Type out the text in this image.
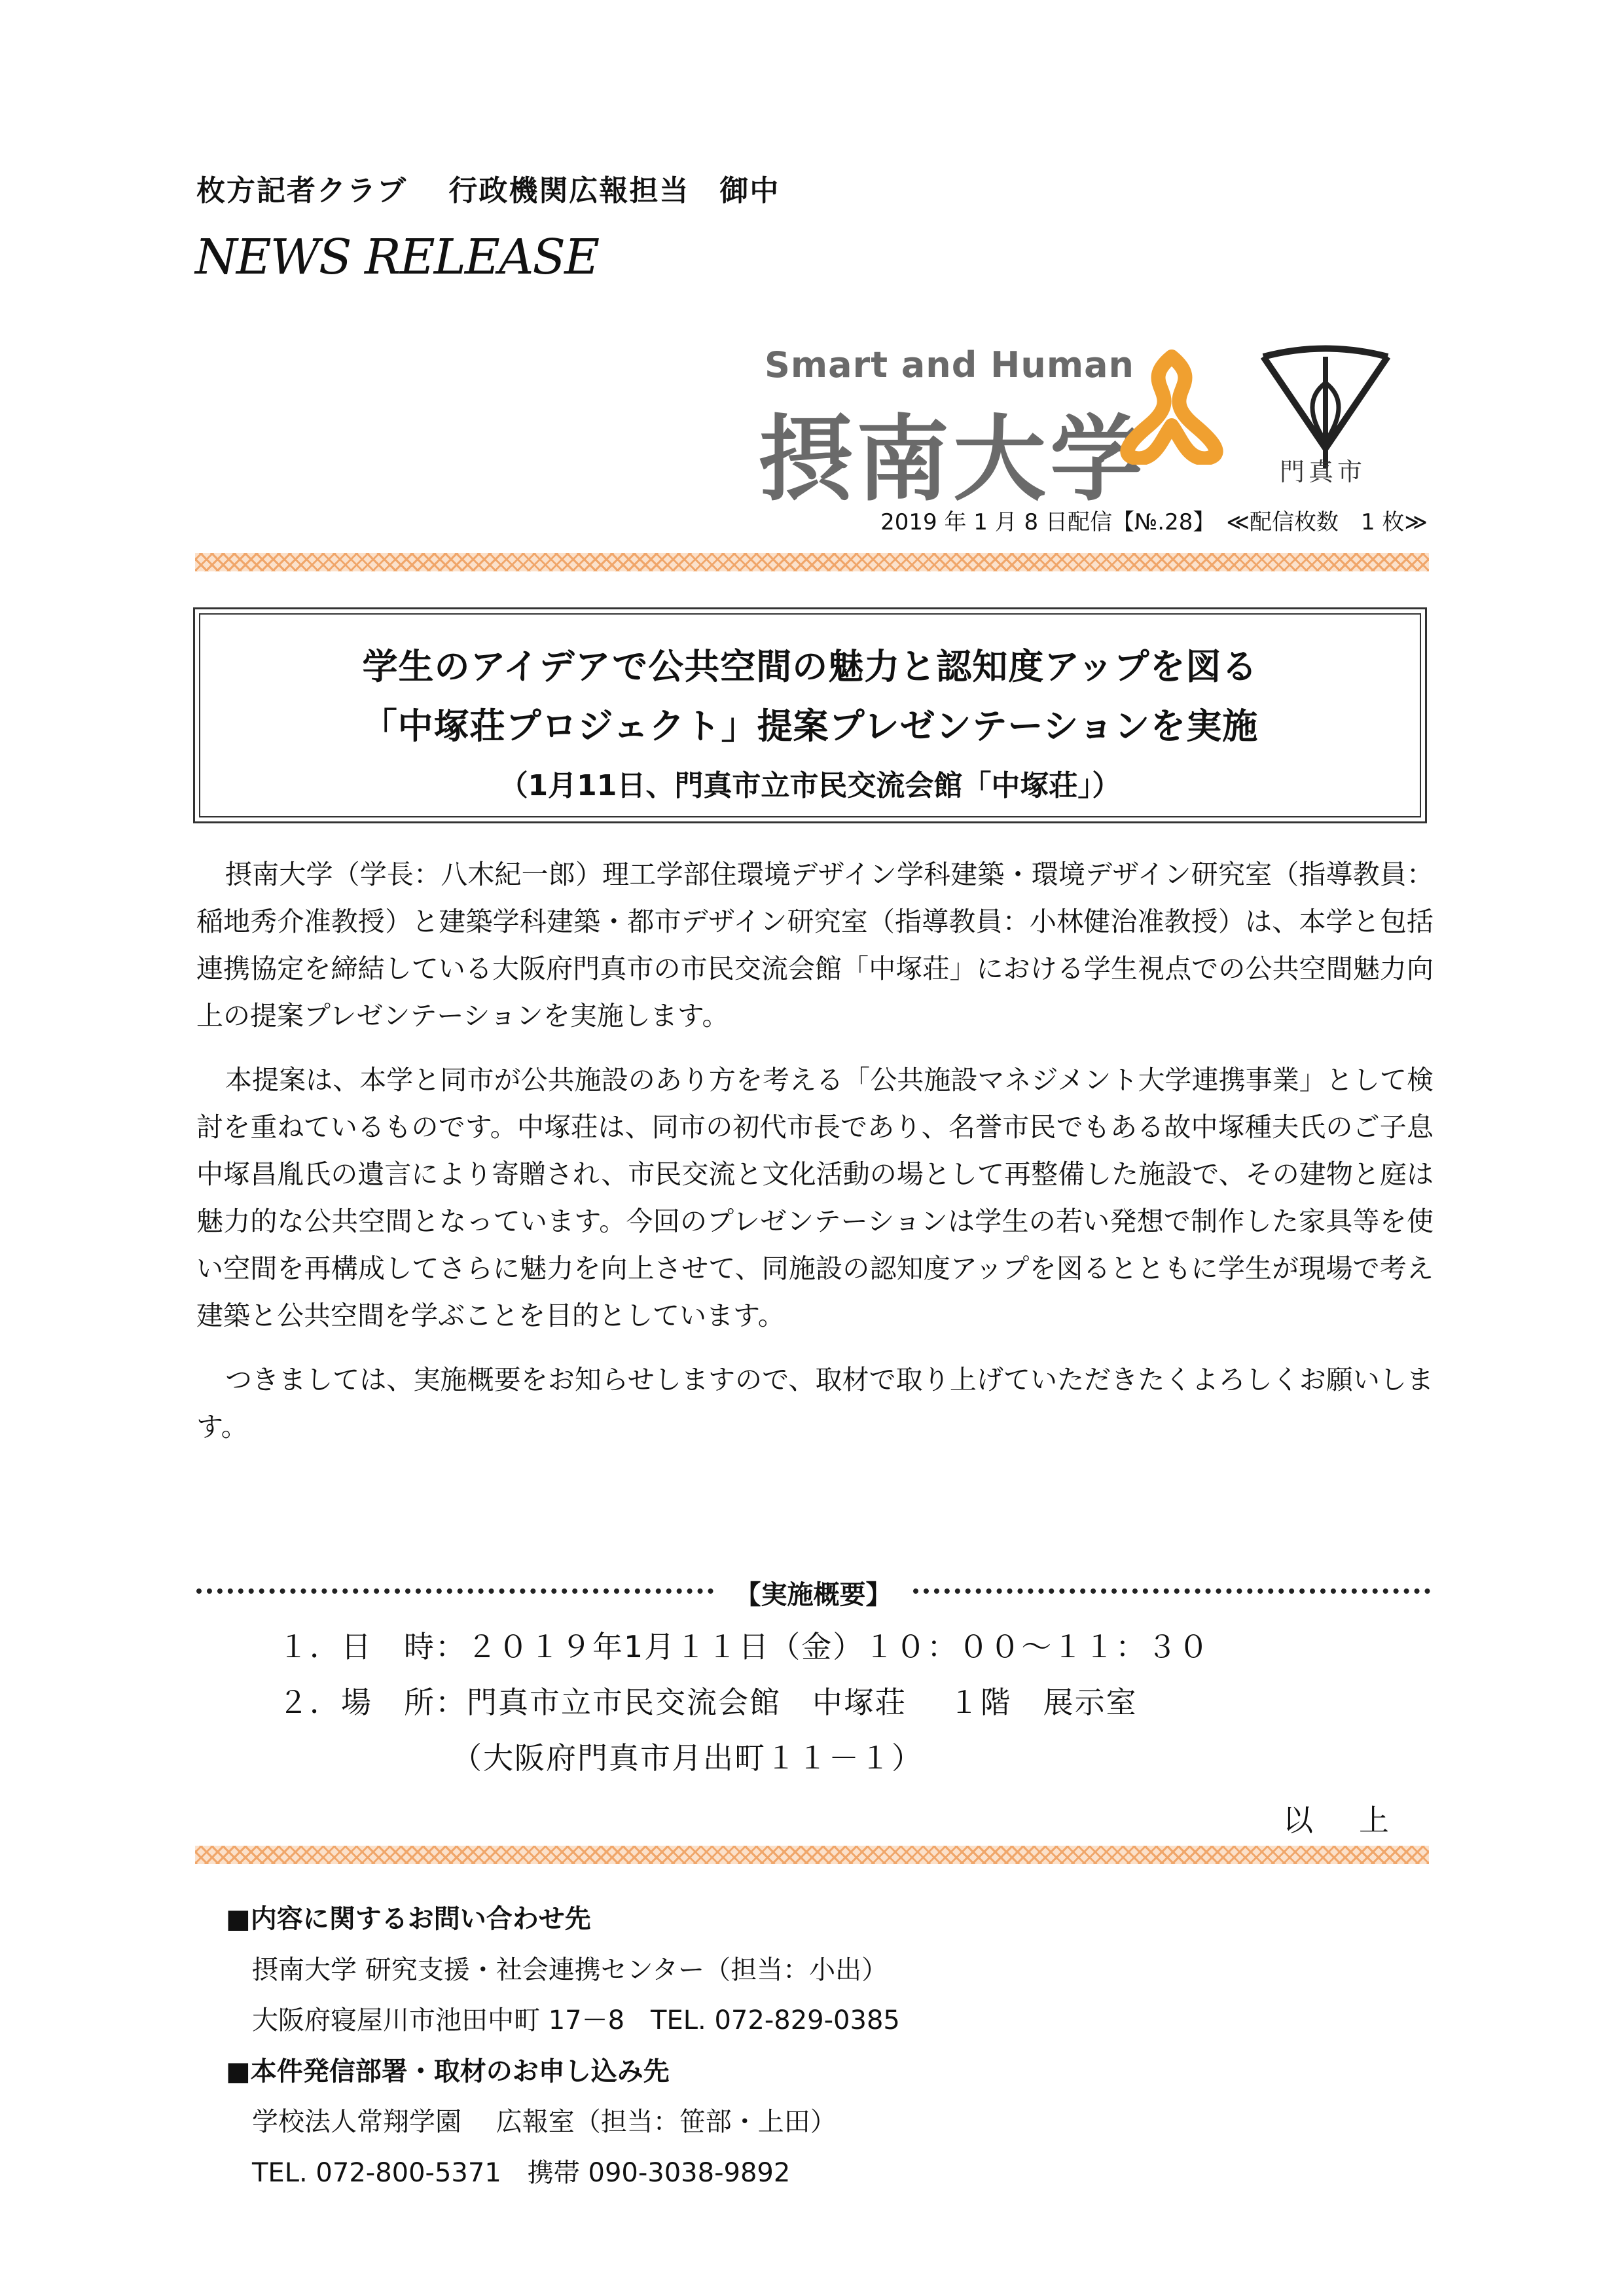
枚方記者クラブ　 行政機関広報担当　御中
NEWS RELEASE
Smart and Human
摂南大学	門真市
2019 年 1 月 8 日配信【№.28】　≪配信枚数　1 枚≫
学生のアイデアで公共空間の魅力と認知度アップを図る
「中塚荘プロジェクト」提案プレゼンテーションを実施
（1月11日、門真市立市民交流会館「中塚荘」）

摂南大学（学長：八木紀一郎）理工学部住環境デザイン学科建築・環境デザイン研究室（指導教員：稲地秀介准教授）と建築学科建築・都市デザイン研究室（指導教員：小林健治准教授）は、本学と包括連携協定を締結している大阪府門真市の市民交流会館「中塚荘」における学生視点での公共空間魅力向上の提案プレゼンテーションを実施します。

本提案は、本学と同市が公共施設のあり方を考える「公共施設マネジメント大学連携事業」として検討を重ねているものです。中塚荘は、同市の初代市長であり、名誉市民でもある故中塚種夫氏のご子息中塚昌胤氏の遺言により寄贈され、市民交流と文化活動の場として再整備した施設で、その建物と庭は魅力的な公共空間となっています。今回のプレゼンテーションは学生の若い発想で制作した家具等を使い空間を再構成してさらに魅力を向上させて、同施設の認知度アップを図るとともに学生が現場で考え建築と公共空間を学ぶことを目的としています。

つきましては、実施概要をお知らせしますので、取材で取り上げていただきたくよろしくお願いします。

【実施概要】
１．日　時：２０１９年1月１１日（金）１０：００～１１：３０
２．場　所：門真市立市民交流会館　中塚荘　 １階　展示室
（大阪府門真市月出町１１－１）
以　上
■内容に関するお問い合わせ先
摂南大学 研究支援・社会連携センター（担当：小出）
大阪府寝屋川市池田中町 17－8　TEL. 072-829-0385
■本件発信部署・取材のお申し込み先
学校法人常翔学園　 広報室（担当：笹部・上田）
TEL. 072-800-5371　携帯 090-3038-9892
